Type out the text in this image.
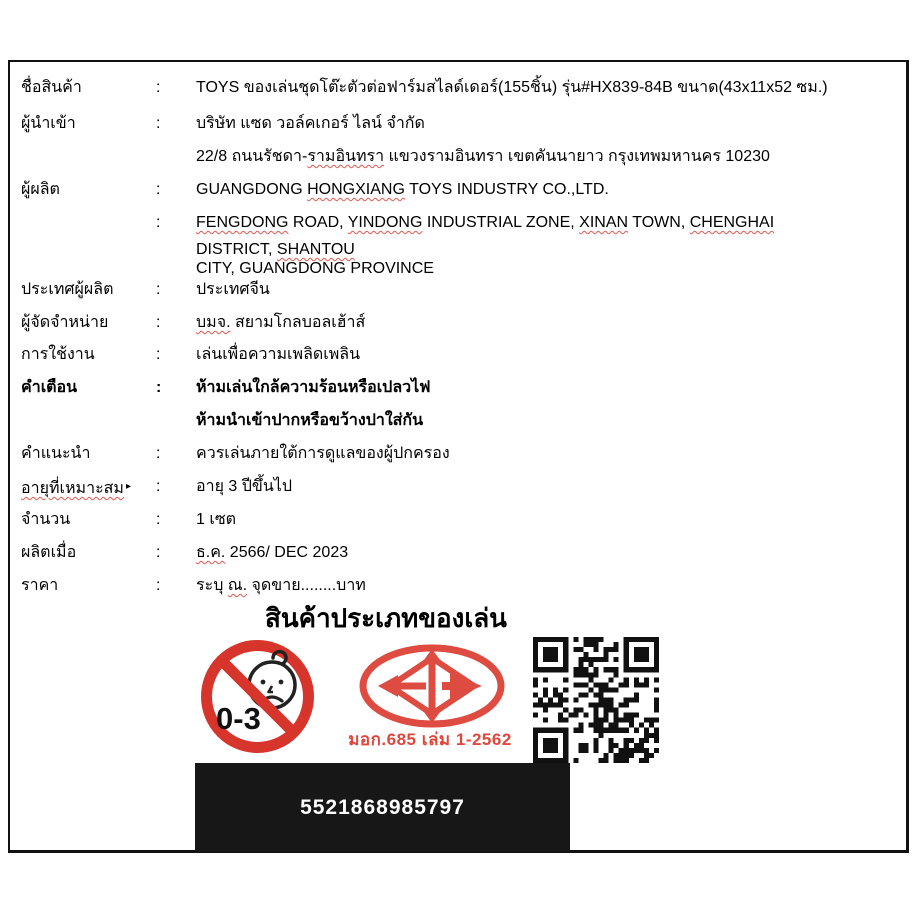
ชื่อสินค้า	: TOYS ของเล่นชุดโต๊ะตัวต่อฟาร์มสไลด์เดอร์(155ชิ้น) รุ่น#HX839-84B ขนาด(43x11x52 ซม.)
ผู้นำเข้า	: บริษัท แซด วอล์คเกอร์ ไลน์ จำกัด
22/8 ถนนรัชดา-รามอินทรา แขวงรามอินทรา เขตคันนายาว กรุงเทพมหานคร 10230
ผู้ผลิต	: GUANGDONG HONGXIANG TOYS INDUSTRY CO.,LTD.
: FENGDONG ROAD, YINDONG INDUSTRIAL ZONE, XINAN TOWN, CHENGHAI
DISTRICT, SHANTOU
CITY, GUANGDONG PROVINCE
ประเทศผู้ผลิต	: ประเทศจีน
ผู้จัดจำหน่าย	: บมจ. สยามโกลบอลเฮ้าส์
การใช้งาน	: เล่นเพื่อความเพลิดเพลิน
คำเตือน	: ห้ามเล่นใกล้ความร้อนหรือเปลวไฟ
ห้ามนำเข้าปากหรือขว้างปาใส่กัน
คำแนะนำ	: ควรเล่นภายใต้การดูแลของผู้ปกครอง
อายุที่เหมาะสม ▸ : อายุ 3 ปีขึ้นไป
จำนวน	: 1 เซต
ผลิตเมื่อ	: ธ.ค. 2566/ DEC 2023
ราคา	: ระบุ ณ. จุดขาย........บาท
สินค้าประเภทของเล่น
0-3
มอก.685 เล่ม 1-2562
5521868985797
